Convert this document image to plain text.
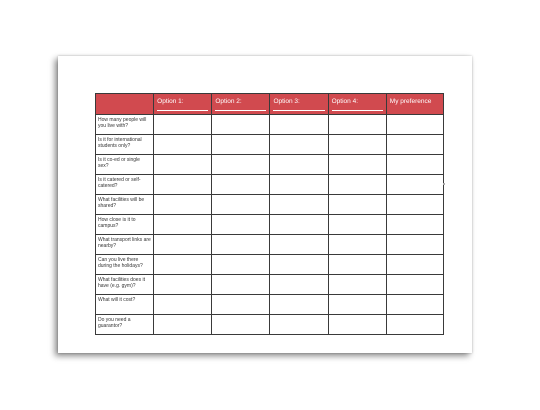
	Option 1:	Option 2:	Option 3:	Option 4:	My preference

How many people will you live with?					
Is it for international students only?					
Is it co-ed or single sex?					
Is it catered or self-catered?					
What facilities will be shared?					
How close is it to campus?					
What transport links are nearby?					
Can you live there during the holidays?					
What facilities does it have (e.g. gym)?					
What will it cost?					
Do you need a guarantor?					
